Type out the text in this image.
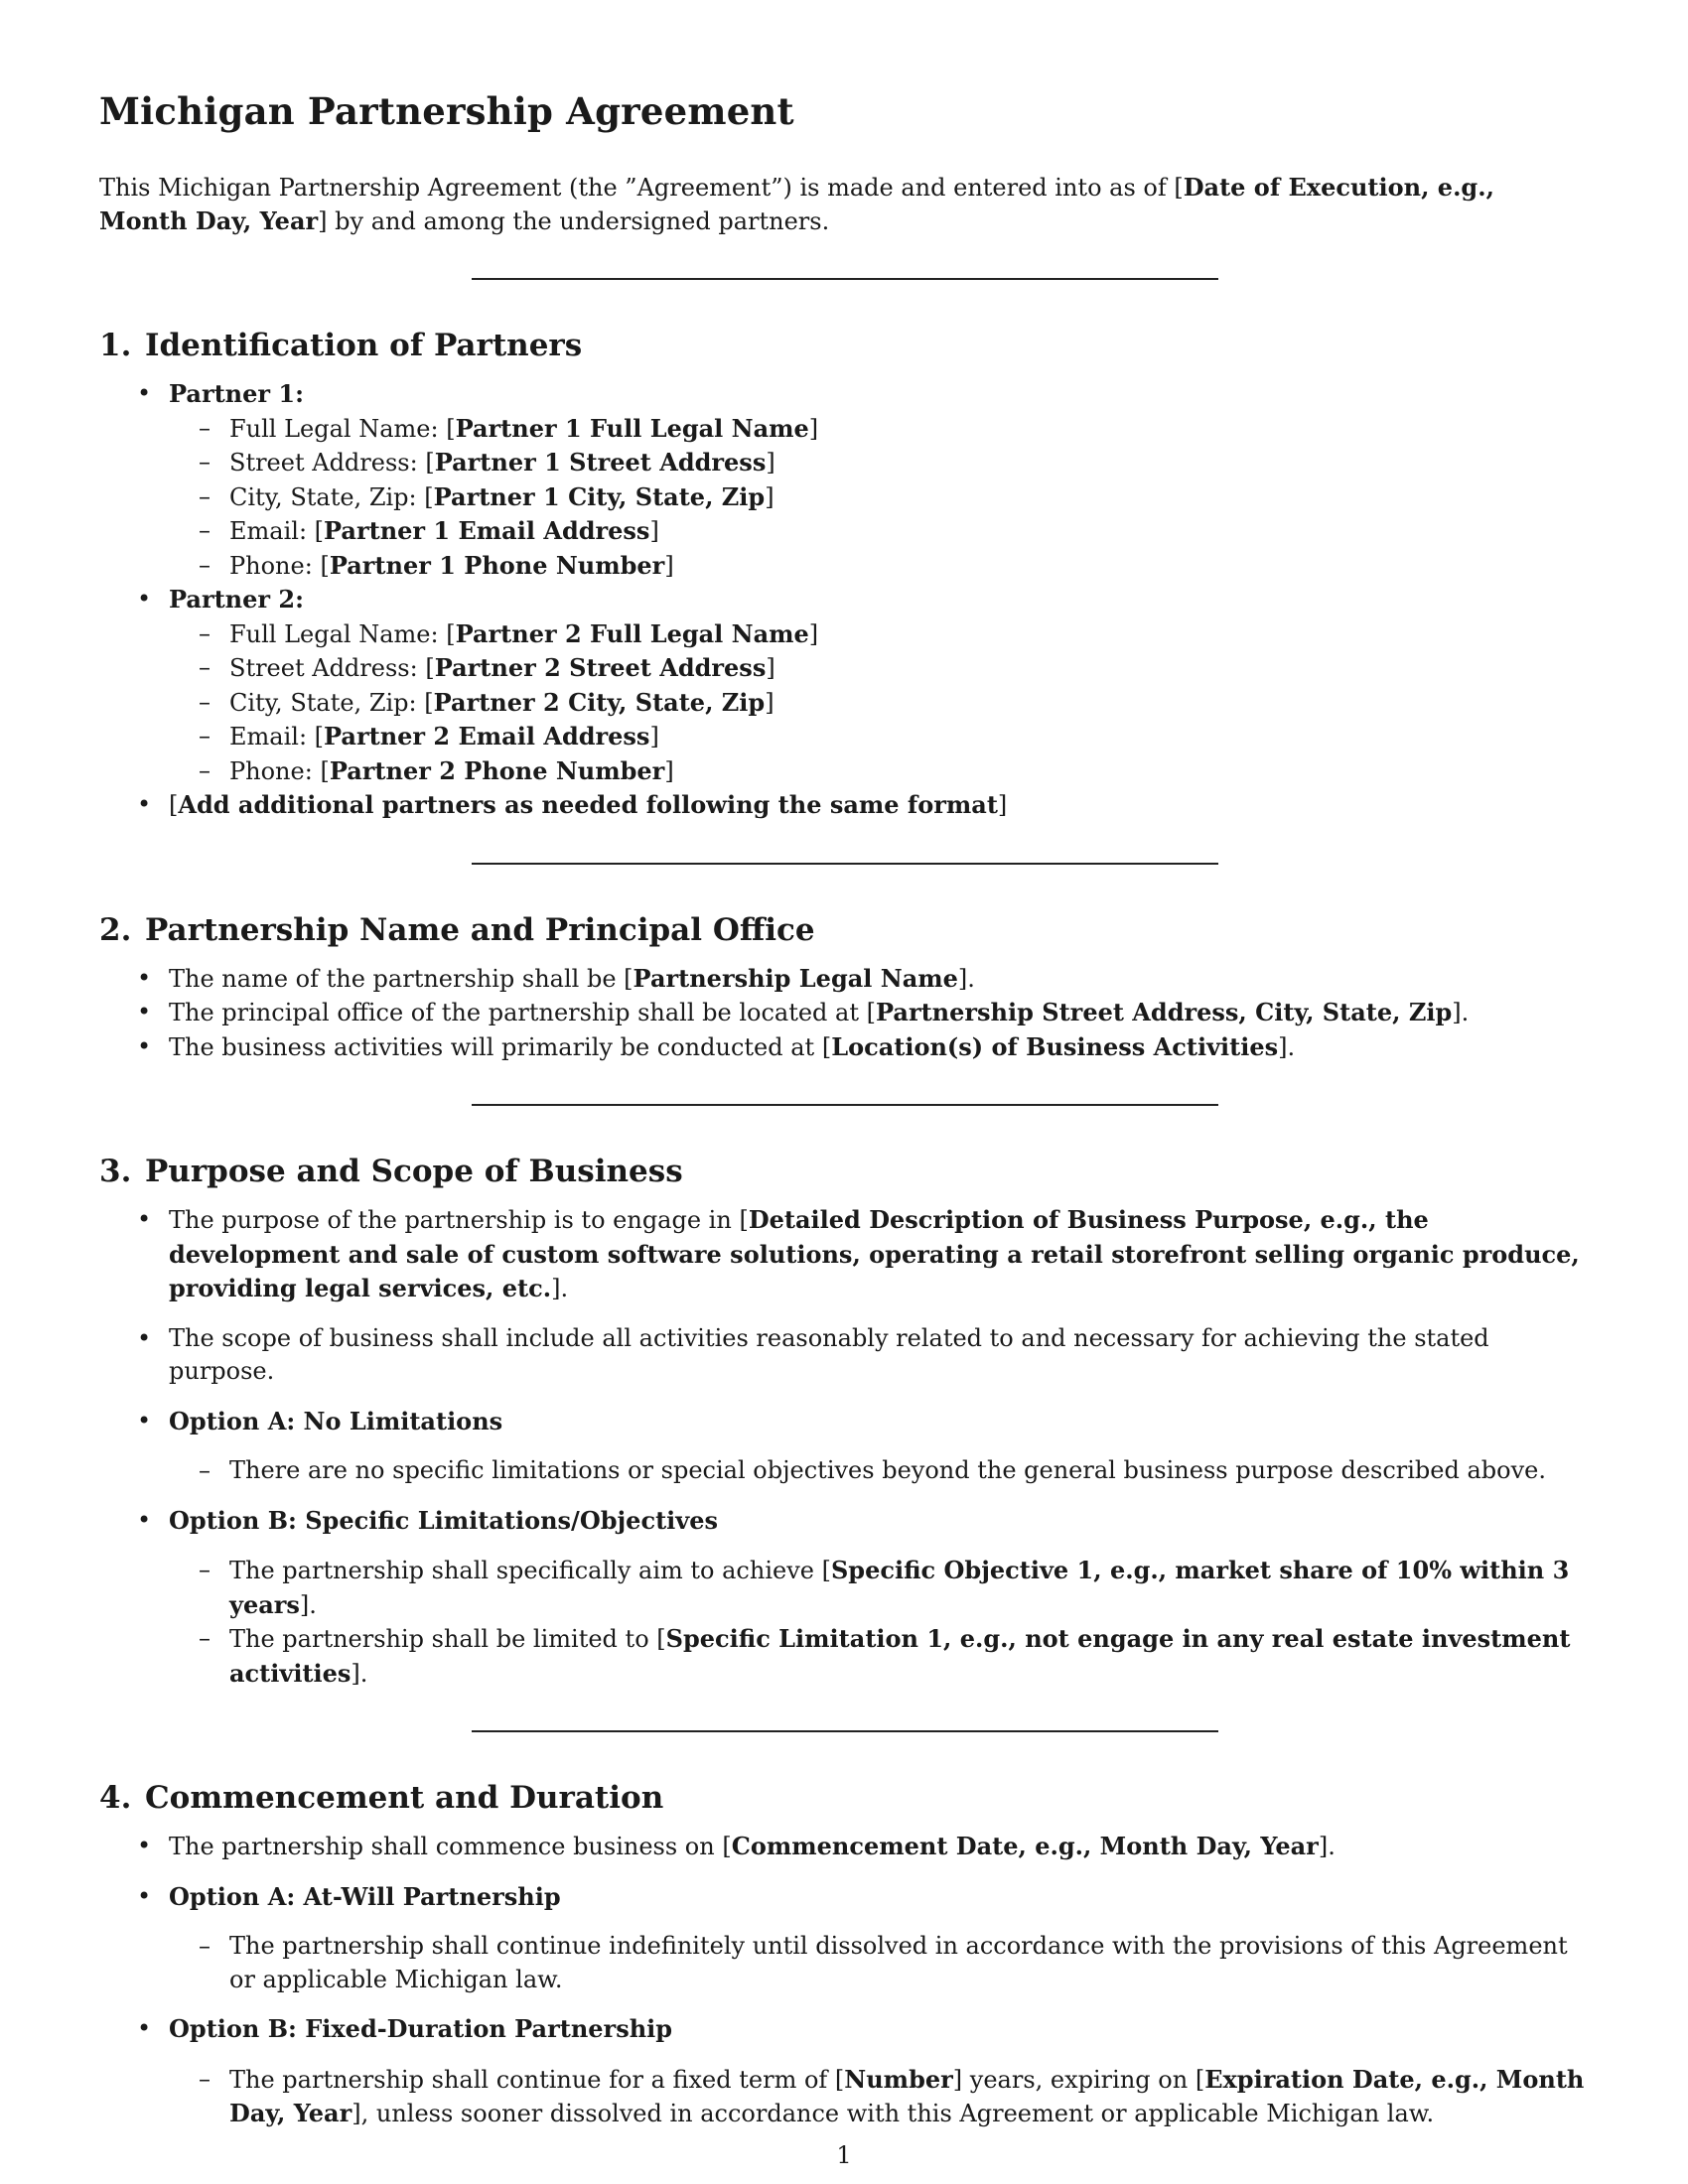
Michigan Partnership Agreement

This Michigan Partnership Agreement (the ”Agreement”) is made and entered into as of [Date of Execution, e.g., Month Day, Year] by and among the undersigned partners.

1. Identification of Partners
• Partner 1:
– Full Legal Name: [Partner 1 Full Legal Name]
– Street Address: [Partner 1 Street Address]
– City, State, Zip: [Partner 1 City, State, Zip]
– Email: [Partner 1 Email Address]
– Phone: [Partner 1 Phone Number]
• Partner 2:
– Full Legal Name: [Partner 2 Full Legal Name]
– Street Address: [Partner 2 Street Address]
– City, State, Zip: [Partner 2 City, State, Zip]
– Email: [Partner 2 Email Address]
– Phone: [Partner 2 Phone Number]
• [Add additional partners as needed following the same format]
2. Partnership Name and Principal Office
• The name of the partnership shall be [Partnership Legal Name].
• The principal office of the partnership shall be located at [Partnership Street Address, City, State, Zip].
• The business activities will primarily be conducted at [Location(s) of Business Activities].
3. Purpose and Scope of Business
• The purpose of the partnership is to engage in [Detailed Description of Business Purpose, e.g., the development and sale of custom software solutions, operating a retail storefront selling organic produce, providing legal services, etc.].
• The scope of business shall include all activities reasonably related to and necessary for achieving the stated purpose.
• Option A: No Limitations
– There are no specific limitations or special objectives beyond the general business purpose described above.
• Option B: Specific Limitations/Objectives
– The partnership shall specifically aim to achieve [Specific Objective 1, e.g., market share of 10% within 3 years].
– The partnership shall be limited to [Specific Limitation 1, e.g., not engage in any real estate investment activities].
4. Commencement and Duration
• The partnership shall commence business on [Commencement Date, e.g., Month Day, Year].
• Option A: At-Will Partnership
– The partnership shall continue indefinitely until dissolved in accordance with the provisions of this Agreement or applicable Michigan law.
• Option B: Fixed-Duration Partnership
– The partnership shall continue for a fixed term of [Number] years, expiring on [Expiration Date, e.g., Month Day, Year], unless sooner dissolved in accordance with this Agreement or applicable Michigan law.
1
